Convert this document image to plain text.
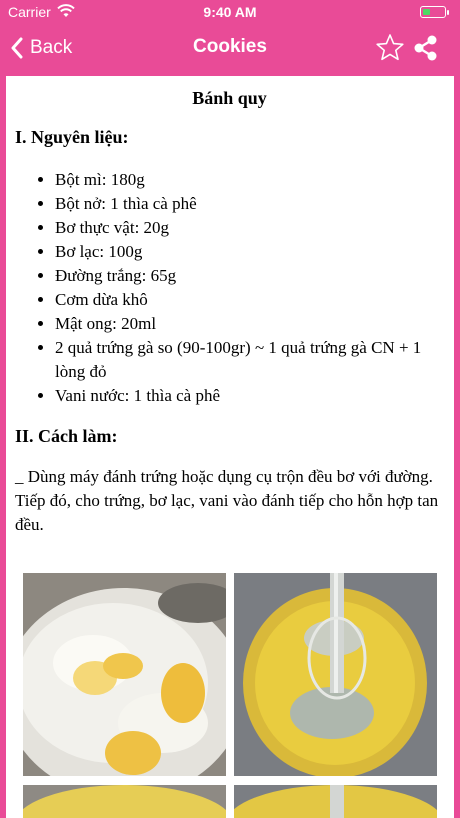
Carrier	9:40 AM
Back	Cookies
Bánh quy
I. Nguyên liệu:
• Bột mì: 180g
• Bột nở: 1 thìa cà phê
• Bơ thực vật: 20g
• Bơ lạc: 100g
• Đường trắng: 65g
• Cơm dừa khô
• Mật ong: 20ml
• 2 quả trứng gà so (90-100gr) ~ 1 quả trứng gà CN + 1 lòng đỏ
• Vani nước: 1 thìa cà phê
II. Cách làm:

_ Dùng máy đánh trứng hoặc dụng cụ trộn đều bơ với đường. Tiếp đó, cho trứng, bơ lạc, vani vào đánh tiếp cho hỗn hợp tan đều.
